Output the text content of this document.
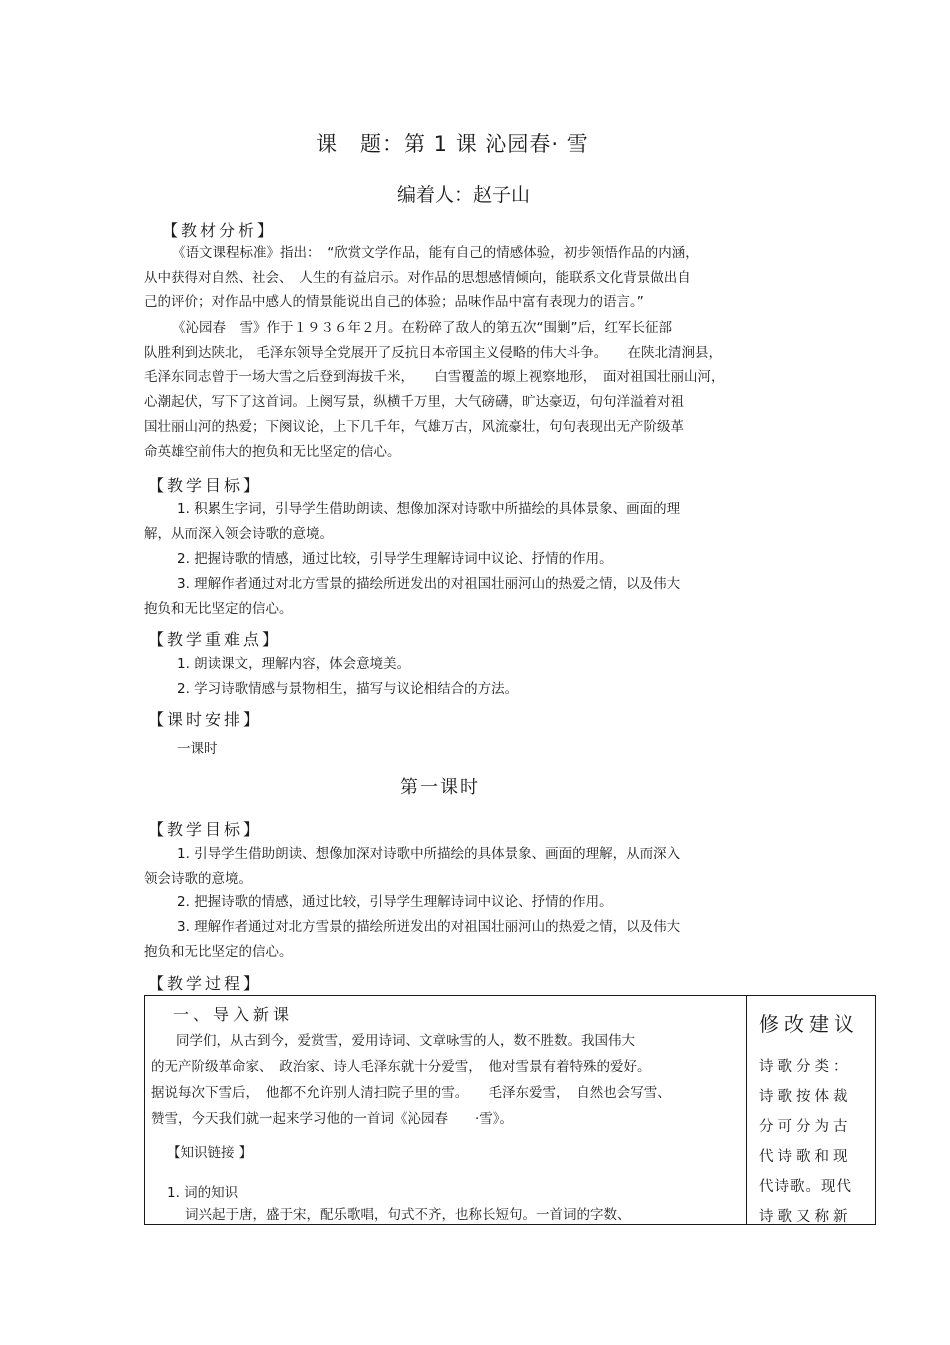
课　题：第 1 课 沁园春· 雪
编着人：赵子山
【教材分析】
《语文课程标准》指出：　“欣赏文学作品，能有自己的情感体验，初步领悟作品的内涵，
从中获得对自然、社会、　人生的有益启示。对作品的思想感情倾向，能联系文化背景做出自
己的评价；对作品中感人的情景能说出自己的体验；品味作品中富有表现力的语言。”
《沁园春　雪》作于１９３６年２月。在粉碎了敌人的第五次“围剿”后，红军长征部
队胜利到达陕北， 毛泽东领导全党展开了反抗日本帝国主义侵略的伟大斗争。　　在陕北清涧县，
毛泽东同志曾于一场大雪之后登到海拔千米，　　白雪覆盖的塬上视察地形，　面对祖国壮丽山河，
心潮起伏，写下了这首词。上阕写景，纵横千万里，大气磅礴，旷达豪迈，句句洋溢着对祖
国壮丽山河的热爱；下阕议论，上下几千年，气雄万古，风流豪壮，句句表现出无产阶级革
命英雄空前伟大的抱负和无比坚定的信心。
【教学目标】
1. 积累生字词，引导学生借助朗读、想像加深对诗歌中所描绘的具体景象、画面的理
解，从而深入领会诗歌的意境。
2. 把握诗歌的情感，通过比较，引导学生理解诗词中议论、抒情的作用。
3. 理解作者通过对北方雪景的描绘所迸发出的对祖国壮丽河山的热爱之情，以及伟大
抱负和无比坚定的信心。
【教学重难点】
1. 朗读课文，理解内容，体会意境美。
2. 学习诗歌情感与景物相生，描写与议论相结合的方法。
【课时安排】
一课时
第一课时
【教学目标】
1. 引导学生借助朗读、想像加深对诗歌中所描绘的具体景象、画面的理解，从而深入
领会诗歌的意境。
2. 把握诗歌的情感，通过比较，引导学生理解诗词中议论、抒情的作用。
3. 理解作者通过对北方雪景的描绘所迸发出的对祖国壮丽河山的热爱之情，以及伟大
抱负和无比坚定的信心。
【教学过程】
一、导入新课
同学们，从古到今，爱赏雪，爱用诗词、文章咏雪的人，数不胜数。我国伟大
的无产阶级革命家、　政治家、诗人毛泽东就十分爱雪，　他对雪景有着特殊的爱好。
据说每次下雪后，　他都不允许别人清扫院子里的雪。　　毛泽东爱雪，　自然也会写雪、
赞雪，今天我们就一起来学习他的一首词《沁园春　　·雪》。
【知识链接 】
1. 词的知识
词兴起于唐，盛于宋，配乐歌唱，句式不齐，也称长短句。一首词的字数、

修改建议
诗歌分类：
诗歌按体裁
分可分为古
代诗歌和现
代诗歌。现代
诗歌又称新
